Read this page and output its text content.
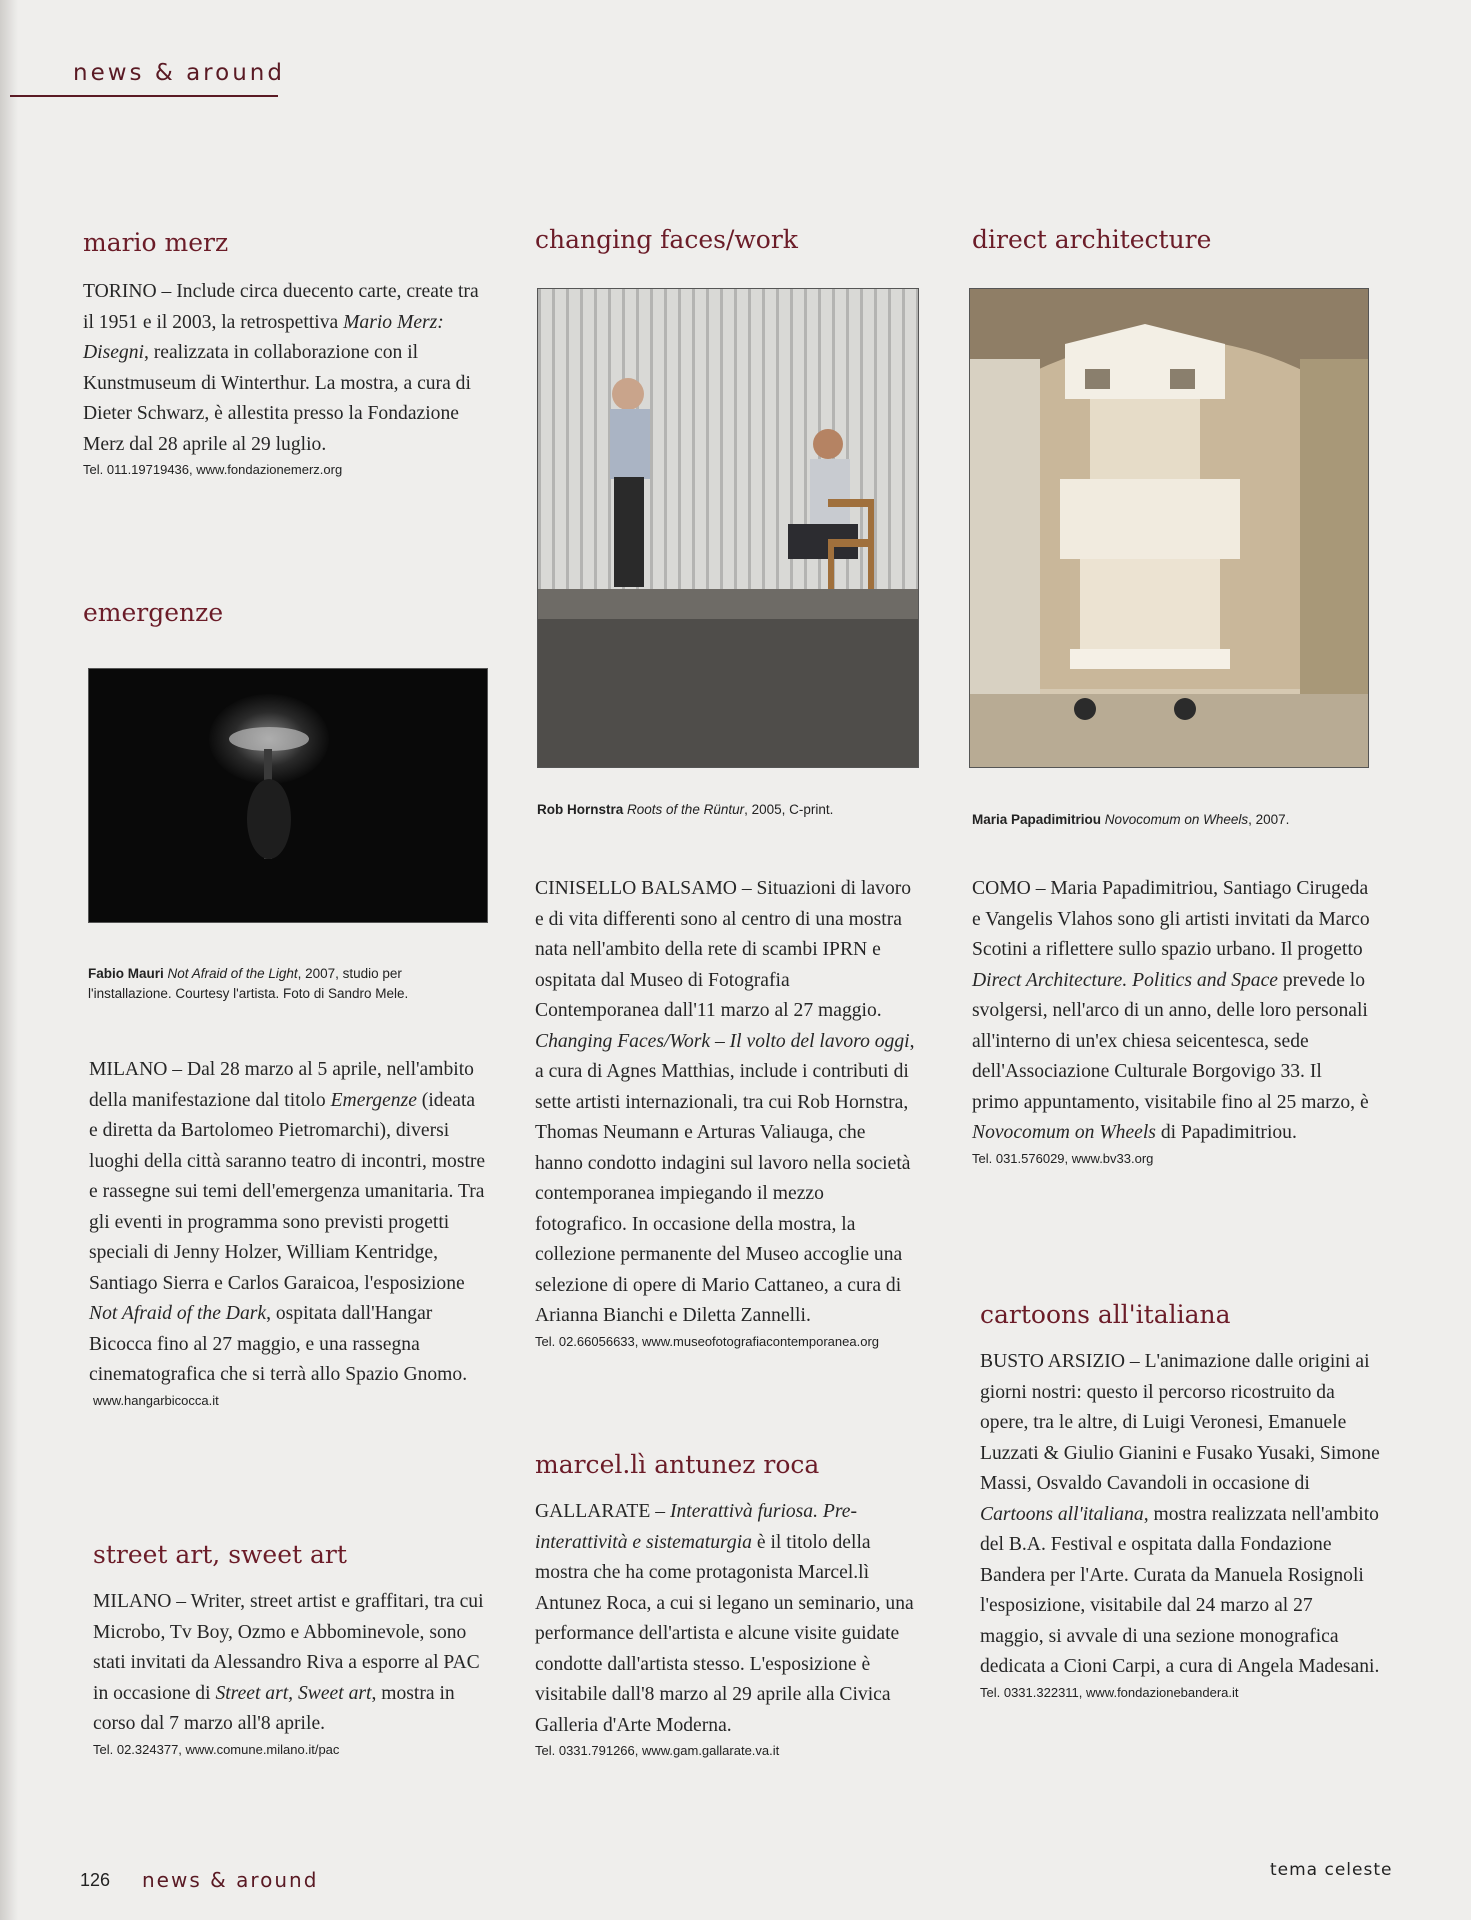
news & around
mario merz

TORINO – Include circa duecento carte, create tra il 1951 e il 2003, la retrospettiva Mario Merz: Disegni, realizzata in collaborazione con il Kunstmuseum di Winterthur. La mostra, a cura di Dieter Schwarz, è allestita presso la Fondazione Merz dal 28 aprile al 29 luglio.

Tel. 011.19719436, www.fondazionemerz.org
emergenze
Fabio Mauri Not Afraid of the Light, 2007, studio per l'installazione. Courtesy l'artista. Foto di Sandro Mele.

MILANO – Dal 28 marzo al 5 aprile, nell'ambito della manifestazione dal titolo Emergenze (ideata e diretta da Bartolomeo Pietromarchi), diversi luoghi della città saranno teatro di incontri, mostre e rassegne sui temi dell'emergenza umanitaria. Tra gli eventi in programma sono previsti progetti speciali di Jenny Holzer, William Kentridge, Santiago Sierra e Carlos Garaicoa, l'esposizione Not Afraid of the Dark, ospitata dall'Hangar Bicocca fino al 27 maggio, e una rassegna cinematografica che si terrà allo Spazio Gnomo.

www.hangarbicocca.it
street art, sweet art

MILANO – Writer, street artist e graffitari, tra cui Microbo, Tv Boy, Ozmo e Abbominevole, sono stati invitati da Alessandro Riva a esporre al PAC in occasione di Street art, Sweet art, mostra in corso dal 7 marzo all'8 aprile.

Tel. 02.324377, www.comune.milano.it/pac
changing faces/work
Rob Hornstra Roots of the Rüntur, 2005, C-print.

CINISELLO BALSAMO – Situazioni di lavoro e di vita differenti sono al centro di una mostra nata nell'ambito della rete di scambi IPRN e ospitata dal Museo di Fotografia Contemporanea dall'11 marzo al 27 maggio. Changing Faces/Work – Il volto del lavoro oggi, a cura di Agnes Matthias, include i contributi di sette artisti internazionali, tra cui Rob Hornstra, Thomas Neumann e Arturas Valiauga, che hanno condotto indagini sul lavoro nella società contemporanea impiegando il mezzo fotografico. In occasione della mostra, la collezione permanente del Museo accoglie una selezione di opere di Mario Cattaneo, a cura di Arianna Bianchi e Diletta Zannelli.

Tel. 02.66056633, www.museofotografiacontemporanea.org
marcel.lì antunez roca

GALLARATE – Interattivà furiosa. Pre-interattività e sistematurgia è il titolo della mostra che ha come protagonista Marcel.lì Antunez Roca, a cui si legano un seminario, una performance dell'artista e alcune visite guidate condotte dall'artista stesso. L'esposizione è visitabile dall'8 marzo al 29 aprile alla Civica Galleria d'Arte Moderna.

Tel. 0331.791266, www.gam.gallarate.va.it
direct architecture
Maria Papadimitriou Novocomum on Wheels, 2007.

COMO – Maria Papadimitriou, Santiago Cirugeda e Vangelis Vlahos sono gli artisti invitati da Marco Scotini a riflettere sullo spazio urbano. Il progetto Direct Architecture. Politics and Space prevede lo svolgersi, nell'arco di un anno, delle loro personali all'interno di un'ex chiesa seicentesca, sede dell'Associazione Culturale Borgovigo 33. Il primo appuntamento, visitabile fino al 25 marzo, è Novocomum on Wheels di Papadimitriou.

Tel. 031.576029, www.bv33.org
cartoons all'italiana

BUSTO ARSIZIO – L'animazione dalle origini ai giorni nostri: questo il percorso ricostruito da opere, tra le altre, di Luigi Veronesi, Emanuele Luzzati & Giulio Gianini e Fusako Yusaki, Simone Massi, Osvaldo Cavandoli in occasione di Cartoons all'italiana, mostra realizzata nell'ambito del B.A. Festival e ospitata dalla Fondazione Bandera per l'Arte. Curata da Manuela Rosignoli l'esposizione, visitabile dal 24 marzo al 27 maggio, si avvale di una sezione monografica dedicata a Cioni Carpi, a cura di Angela Madesani.

Tel. 0331.322311, www.fondazionebandera.it
126 news & around	tema celeste
